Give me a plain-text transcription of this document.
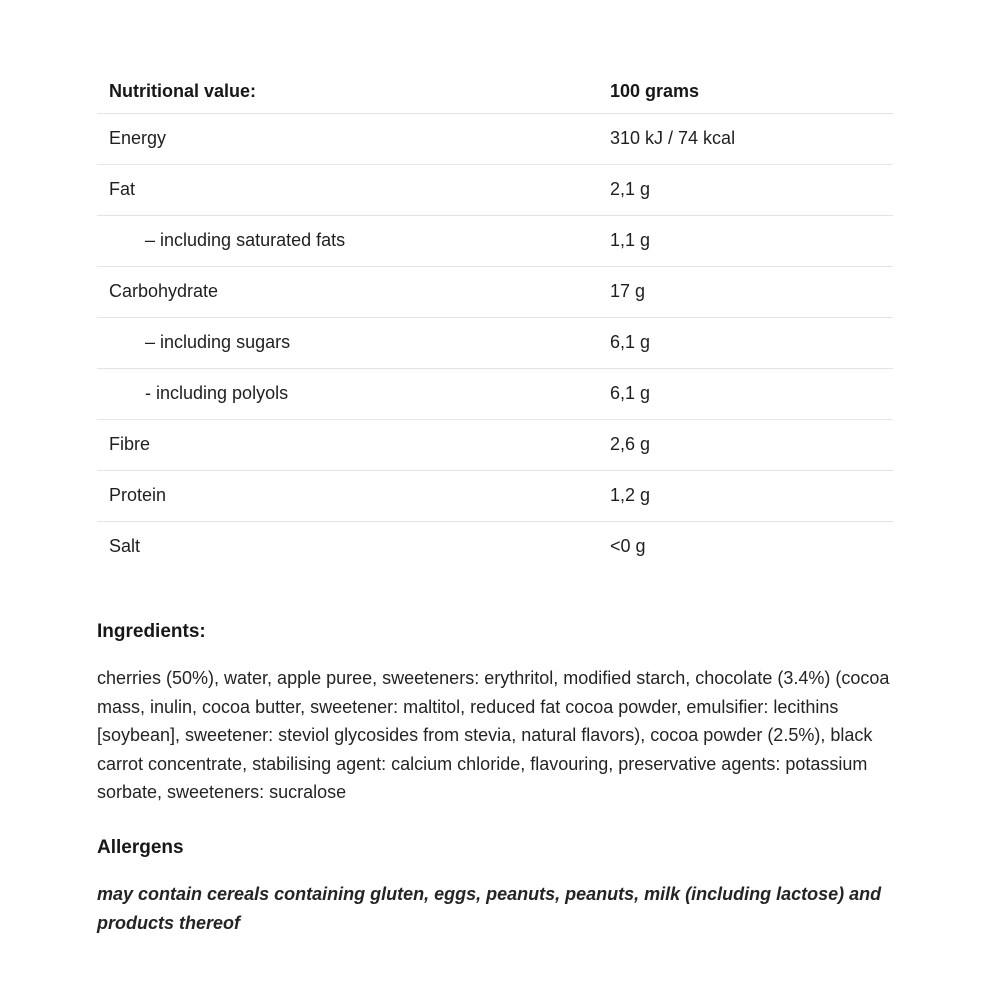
Nutritional value:	100 grams
Energy	310 kJ / 74 kcal
Fat	2,1 g
– including saturated fats	1,1 g
Carbohydrate	17 g
– including sugars	6,1 g
- including polyols	6,1 g
Fibre	2,6 g
Protein	1,2 g
Salt	<0 g
Ingredients:

cherries (50%), water, apple puree, sweeteners: erythritol, modified starch, chocolate (3.4%) (cocoa mass, inulin, cocoa butter, sweetener: maltitol, reduced fat cocoa powder, emulsifier: lecithins [soybean], sweetener: steviol glycosides from stevia, natural flavors), cocoa powder (2.5%), black carrot concentrate, stabilising agent: calcium chloride, flavouring, preservative agents: potassium sorbate, sweeteners: sucralose

Allergens

may contain cereals containing gluten, eggs, peanuts, peanuts, milk (including lactose) and products thereof
